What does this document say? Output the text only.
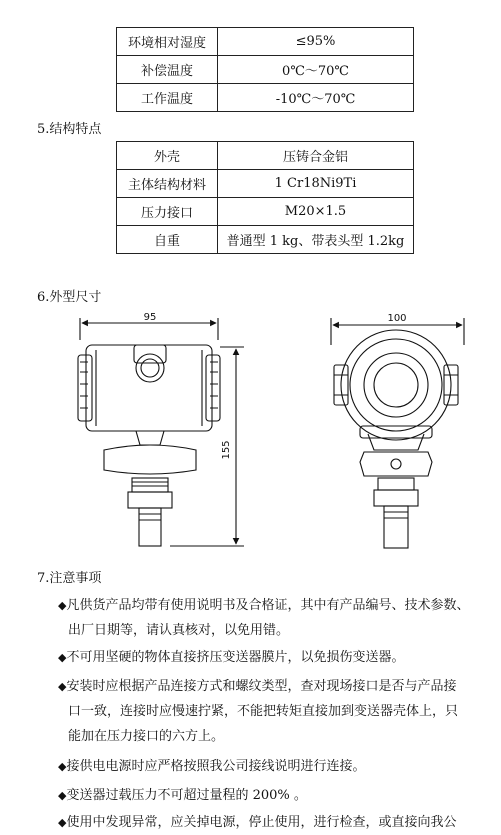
环境相对湿度	≤95%
补偿温度	0℃～70℃
工作温度	-10℃～70℃
5.结构特点
外壳	压铸合金铝
主体结构材料	1 Cr18Ni9Ti
压力接口	M20×1.5
自重	普通型 1 kg、带表头型 1.2kg
6.外型尺寸
95
155
100
7.注意事项
◆凡供货产品均带有使用说明书及合格证，其中有产品编号、技术参数、
出厂日期等，请认真核对，以免用错。
◆不可用坚硬的物体直接挤压变送器膜片，以免损伤变送器。
◆安装时应根据产品连接方式和螺纹类型，查对现场接口是否与产品接
口一致，连接时应慢速拧紧，不能把转矩直接加到变送器壳体上，只
能加在压力接口的六方上。
◆接供电电源时应严格按照我公司接线说明进行连接。
◆变送器过载压力不可超过量程的 200% 。
◆使用中发现异常，应关掉电源，停止使用，进行检查，或直接向我公
